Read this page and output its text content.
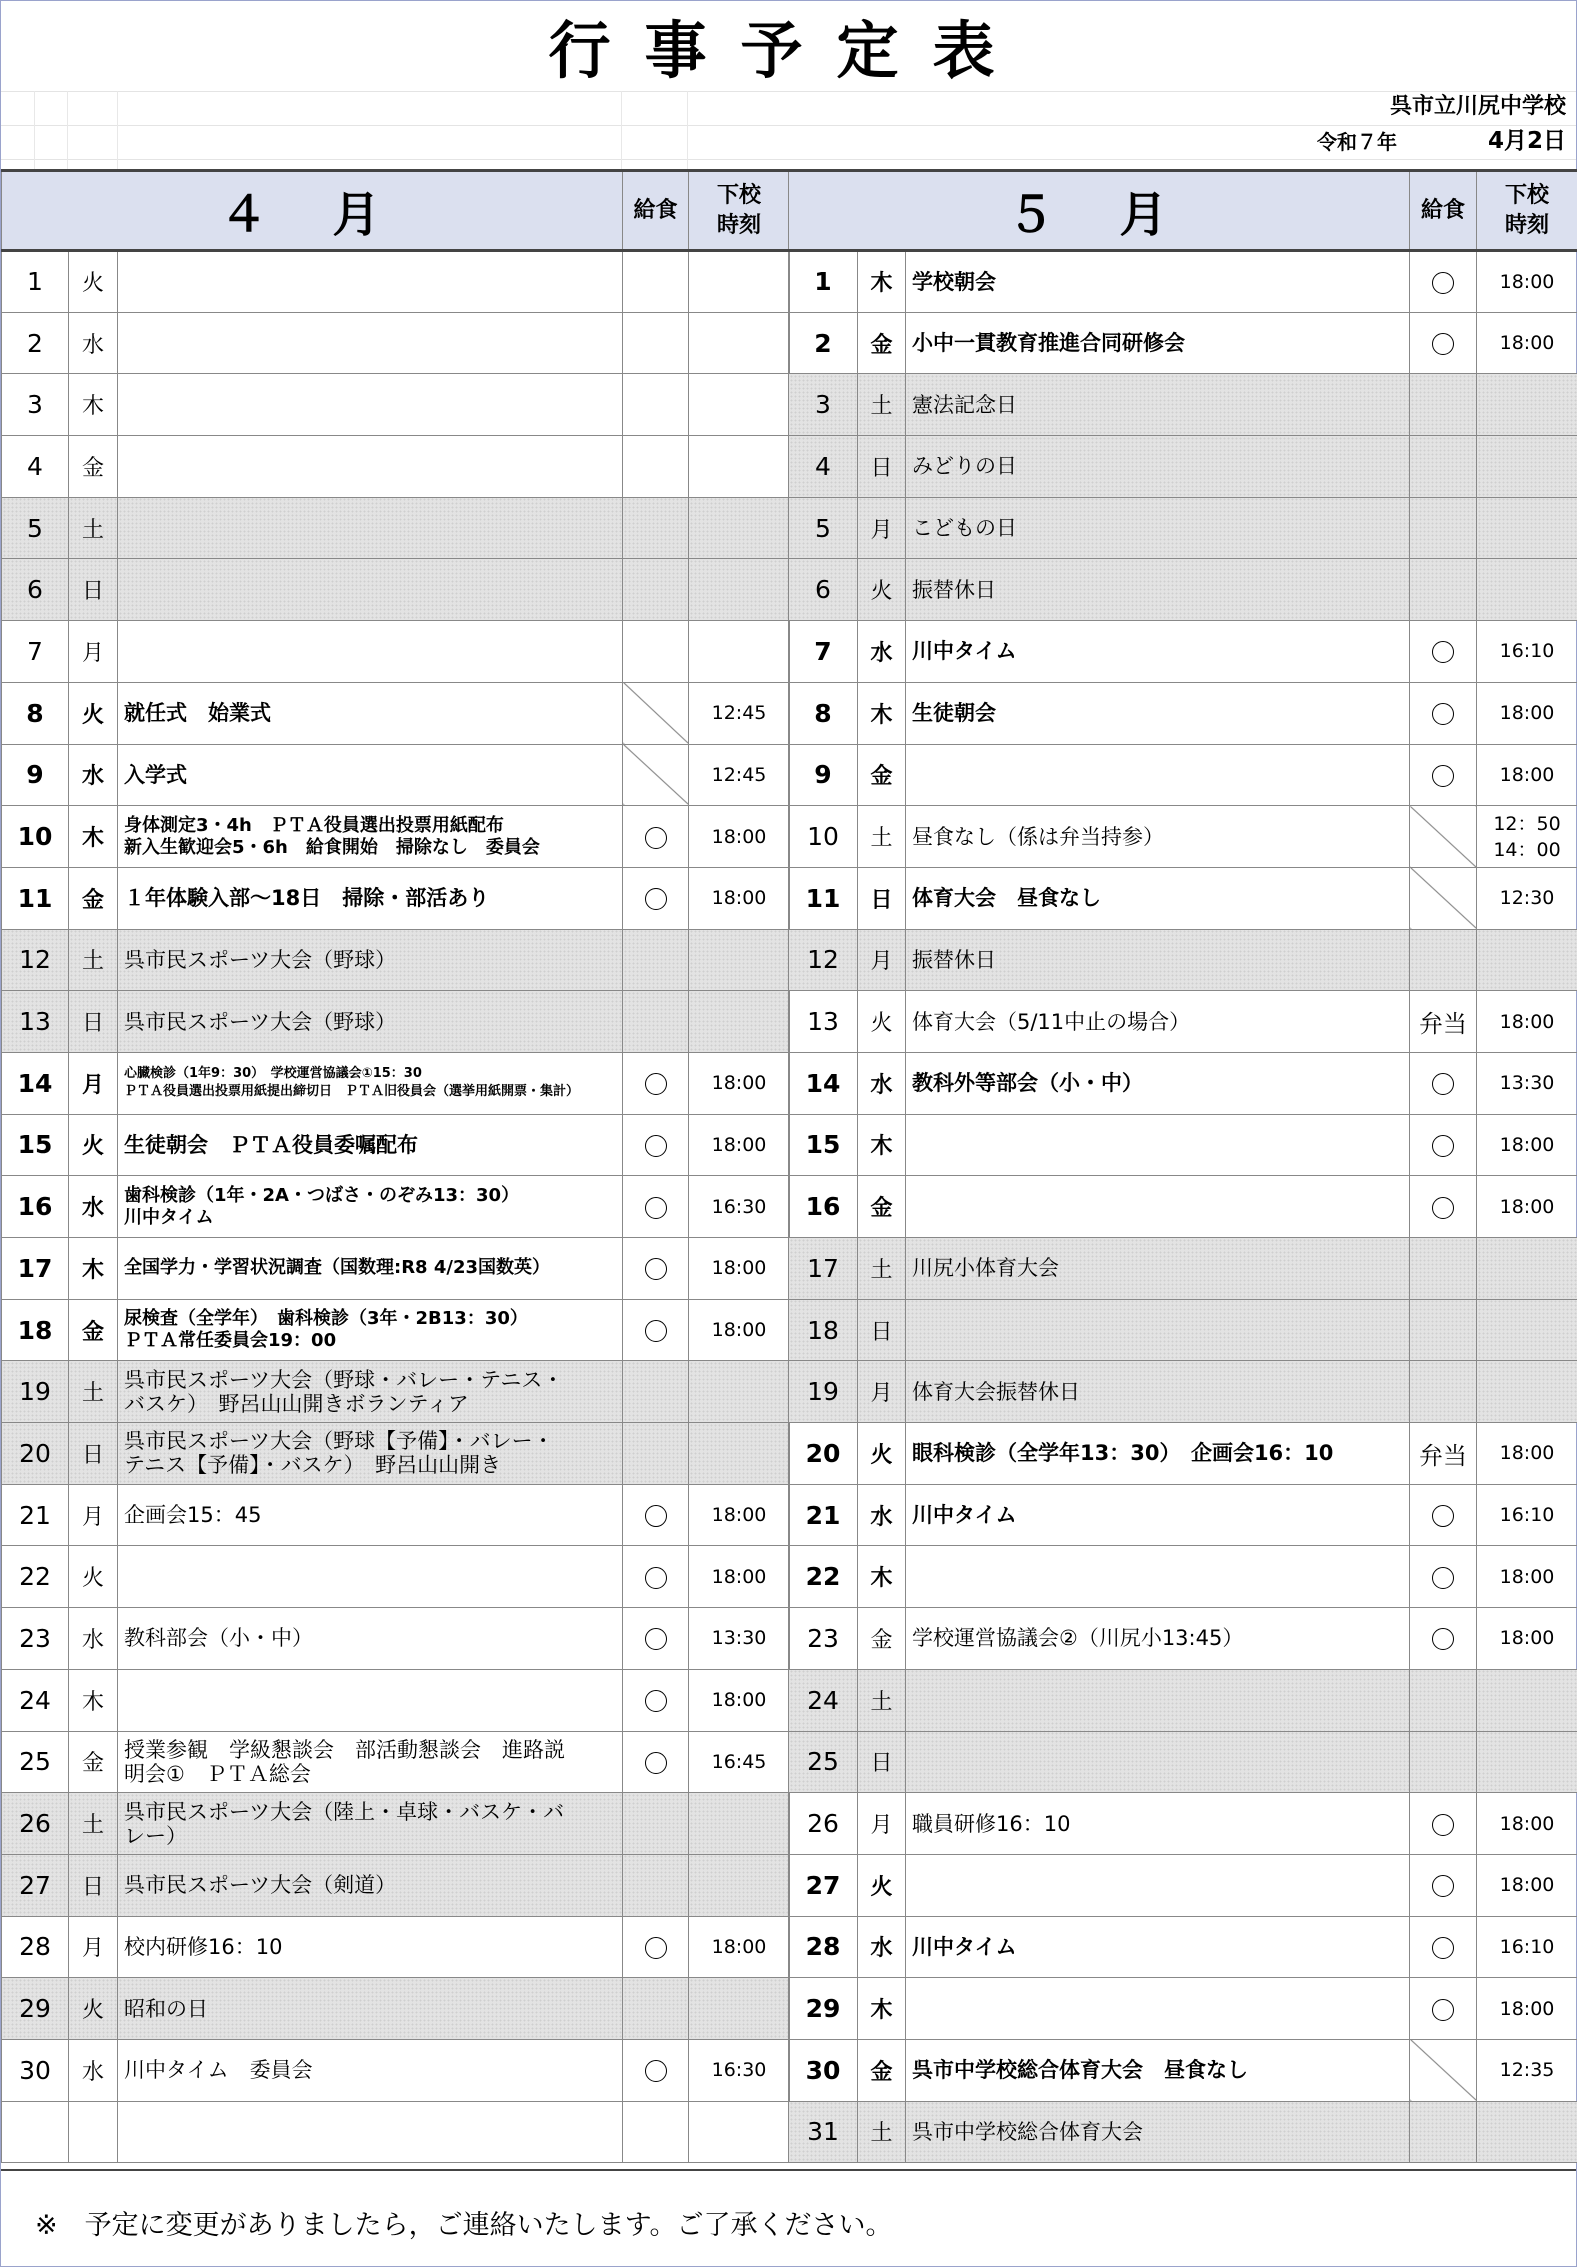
行事予定表
呉市立川尻中学校
令和７年	4月2日
４ 月			給食	下校
時刻

1	火	

2	水	

3	木	

4	金	

5	土	

6	日	

7	月	

8	火	就任式　始業式		12:45

9	水	入学式		12:45

10	木	身体測定3・4h　ＰＴＡ役員選出投票用紙配布
新入生歓迎会5・6h　給食開始　掃除なし　委員会		18:00

11	金	１年体験入部～18日　掃除・部活あり		18:00

12	土	呉市民スポーツ大会（野球）		

13	日	呉市民スポーツ大会（野球）		

14	月	心臓検診（1年9：30）　学校運営協議会①15：30
ＰＴＡ役員選出投票用紙提出締切日　ＰＴＡ旧役員会（選挙用紙開票・集計）		18:00

15	火	生徒朝会　ＰＴＡ役員委嘱配布		18:00

16	水	歯科検診（1年・2A・つばさ・のぞみ13：30）
川中タイム		16:30

17	木	全国学力・学習状況調査（国数理:R8 4/23国数英）		18:00

18	金	尿検査（全学年）　歯科検診（3年・2B13：30）
ＰＴＡ常任委員会19：00		18:00

19	土	呉市民スポーツ大会（野球・バレー・テニス・
バスケ）　野呂山山開きボランティア		

20	日	呉市民スポーツ大会（野球【予備】・バレー・
テニス【予備】・バスケ）　野呂山山開き		

21	月	企画会15：45		18:00

22	火			18:00

23	水	教科部会（小・中）		13:30

24	木			18:00

25	金	授業参観　学級懇談会　部活動懇談会　進路説
明会①　ＰＴＡ総会		16:45

26	土	呉市民スポーツ大会（陸上・卓球・バスケ・バ
レー）		

27	日	呉市民スポーツ大会（剣道）		

28	月	校内研修16：10		18:00

29	火	昭和の日		

30	水	川中タイム　委員会		16:30

５ 月			給食	下校
時刻

1	木	学校朝会		18:00

2	金	小中一貫教育推進合同研修会		18:00

3	土	憲法記念日		

4	日	みどりの日		

5	月	こどもの日		

6	火	振替休日		

7	水	川中タイム		16:10

8	木	生徒朝会		18:00

9	金			18:00

10	土	昼食なし（係は弁当持参）		12：50
14：00

11	日	体育大会　昼食なし		12:30

12	月	振替休日		

13	火	体育大会（5/11中止の場合）	弁当	18:00

14	水	教科外等部会（小・中）		13:30

15	木			18:00

16	金			18:00

17	土	川尻小体育大会		

18	日	

19	月	体育大会振替休日		

20	火	眼科検診（全学年13：30）　企画会16：10	弁当	18:00

21	水	川中タイム		16:10

22	木			18:00

23	金	学校運営協議会②（川尻小13:45）		18:00

24	土	

25	日	

26	月	職員研修16：10		18:00

27	火			18:00

28	水	川中タイム		16:10

29	木			18:00

30	金	呉市中学校総合体育大会　昼食なし		12:35

31	土	呉市中学校総合体育大会		

※　予定に変更がありましたら，ご連絡いたします。ご了承ください。
